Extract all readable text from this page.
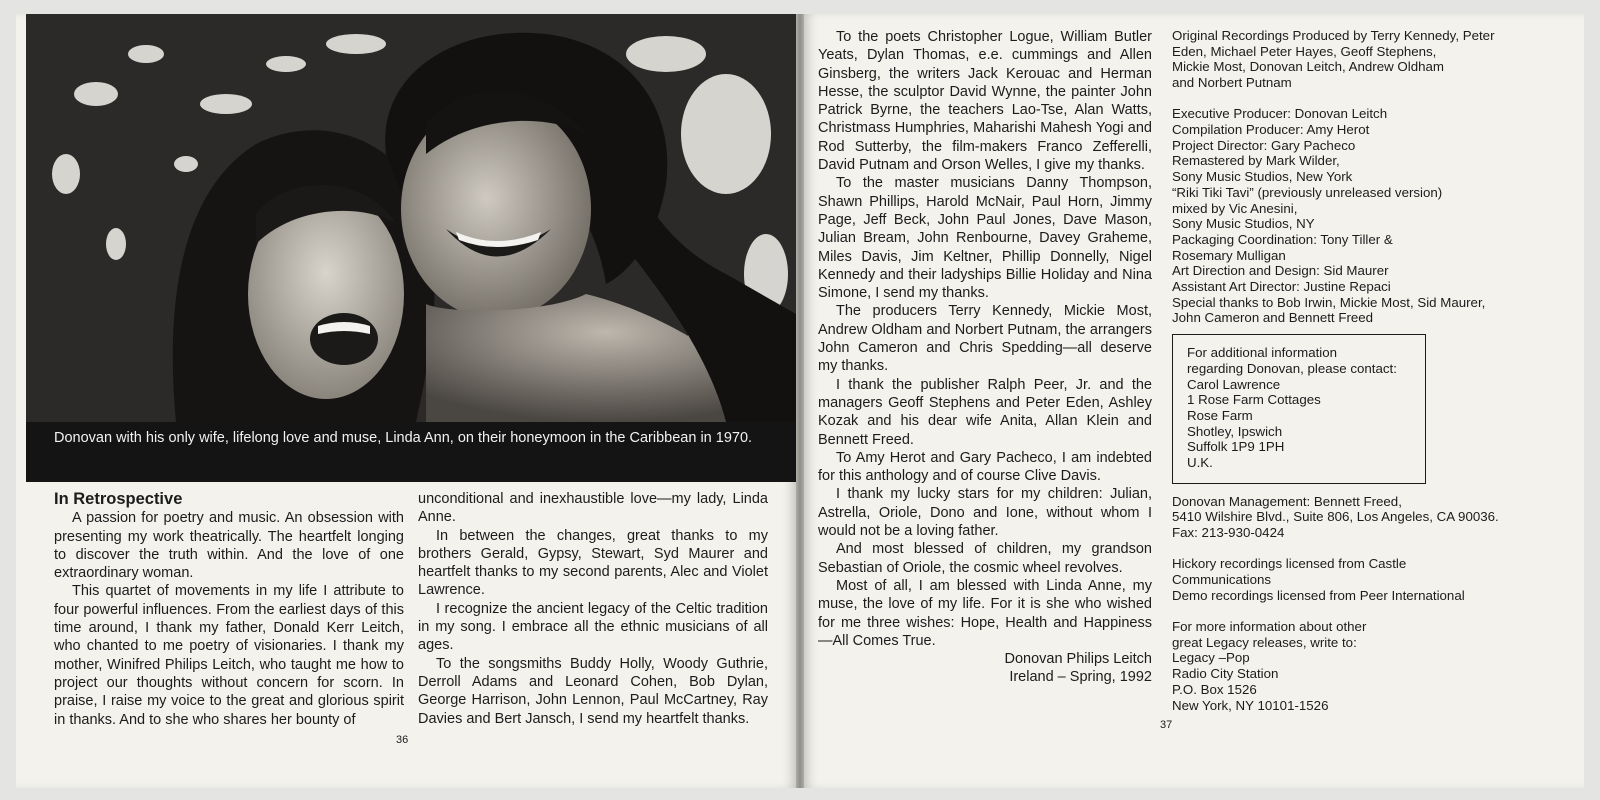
Donovan with his only wife, lifelong love and muse, Linda Ann, on their honeymoon in the Caribbean in 1970.
In Retrospective

A passion for poetry and music. An obsession with presenting my work theatrically. The heartfelt longing to discover the truth within. And the love of one extraordinary woman.

This quartet of movements in my life I attribute to four powerful influences. From the earliest days of this time around, I thank my father, Donald Kerr Leitch, who chanted to me poetry of visionaries. I thank my mother, Winifred Philips Leitch, who taught me how to project our thoughts without concern for scorn. In praise, I raise my voice to the great and glorious spirit in thanks. And to she who shares her bounty of

unconditional and inexhaustible love—my lady, Linda Anne.

In between the changes, great thanks to my brothers Gerald, Gypsy, Stewart, Syd Maurer and heartfelt thanks to my second parents, Alec and Violet Lawrence.

I recognize the ancient legacy of the Celtic tradition in my song. I embrace all the ethnic musicians of all ages.

To the songsmiths Buddy Holly, Woody Guthrie, Derroll Adams and Leonard Cohen, Bob Dylan, George Harrison, John Lennon, Paul McCartney, Ray Davies and Bert Jansch, I send my heartfelt thanks.

36

To the poets Christopher Logue, William Butler Yeats, Dylan Thomas, e.e. cummings and Allen Ginsberg, the writers Jack Kerouac and Herman Hesse, the sculptor David Wynne, the painter John Patrick Byrne, the teachers Lao-Tse, Alan Watts, Christmass Humphries, Maharishi Mahesh Yogi and Rod Sutterby, the film-makers Franco Zefferelli, David Putnam and Orson Welles, I give my thanks.

To the master musicians Danny Thompson, Shawn Phillips, Harold McNair, Paul Horn, Jimmy Page, Jeff Beck, John Paul Jones, Dave Mason, Julian Bream, John Renbourne, Davey Graheme, Miles Davis, Jim Keltner, Phillip Donnelly, Nigel Kennedy and their ladyships Billie Holiday and Nina Simone, I send my thanks.

The producers Terry Kennedy, Mickie Most, Andrew Oldham and Norbert Putnam, the arrangers John Cameron and Chris Spedding—all deserve my thanks.

I thank the publisher Ralph Peer, Jr. and the managers Geoff Stephens and Peter Eden, Ashley Kozak and his dear wife Anita, Allan Klein and Bennett Freed.

To Amy Herot and Gary Pacheco, I am indebted for this anthology and of course Clive Davis.

I thank my lucky stars for my children: Julian, Astrella, Oriole, Dono and Ione, without whom I would not be a loving father.

And most blessed of children, my grandson Sebastian of Oriole, the cosmic wheel revolves.

Most of all, I am blessed with Linda Anne, my muse, the love of my life. For it is she who wished for me three wishes: Hope, Health and Happiness—All Comes True.

Donovan Philips Leitch

Ireland – Spring, 1992

37
Original Recordings Produced by Terry Kennedy, Peter
Eden, Michael Peter Hayes, Geoff Stephens,
Mickie Most, Donovan Leitch, Andrew Oldham
and Norbert Putnam
Executive Producer: Donovan Leitch
Compilation Producer: Amy Herot
Project Director: Gary Pacheco
Remastered by Mark Wilder,
Sony Music Studios, New York
“Riki Tiki Tavi” (previously unreleased version)
mixed by Vic Anesini,
Sony Music Studios, NY
Packaging Coordination: Tony Tiller &
Rosemary Mulligan
Art Direction and Design: Sid Maurer
Assistant Art Director: Justine Repaci
Special thanks to Bob Irwin, Mickie Most, Sid Maurer,
John Cameron and Bennett Freed
For additional information
regarding Donovan, please contact:
Carol Lawrence
1 Rose Farm Cottages
Rose Farm
Shotley, Ipswich
Suffolk 1P9 1PH
U.K.
Donovan Management: Bennett Freed,
5410 Wilshire Blvd., Suite 806, Los Angeles, CA 90036.
Fax: 213-930-0424
Hickory recordings licensed from Castle
Communications
Demo recordings licensed from Peer International
For more information about other
great Legacy releases, write to:
Legacy –Pop
Radio City Station
P.O. Box 1526
New York, NY 10101-1526
